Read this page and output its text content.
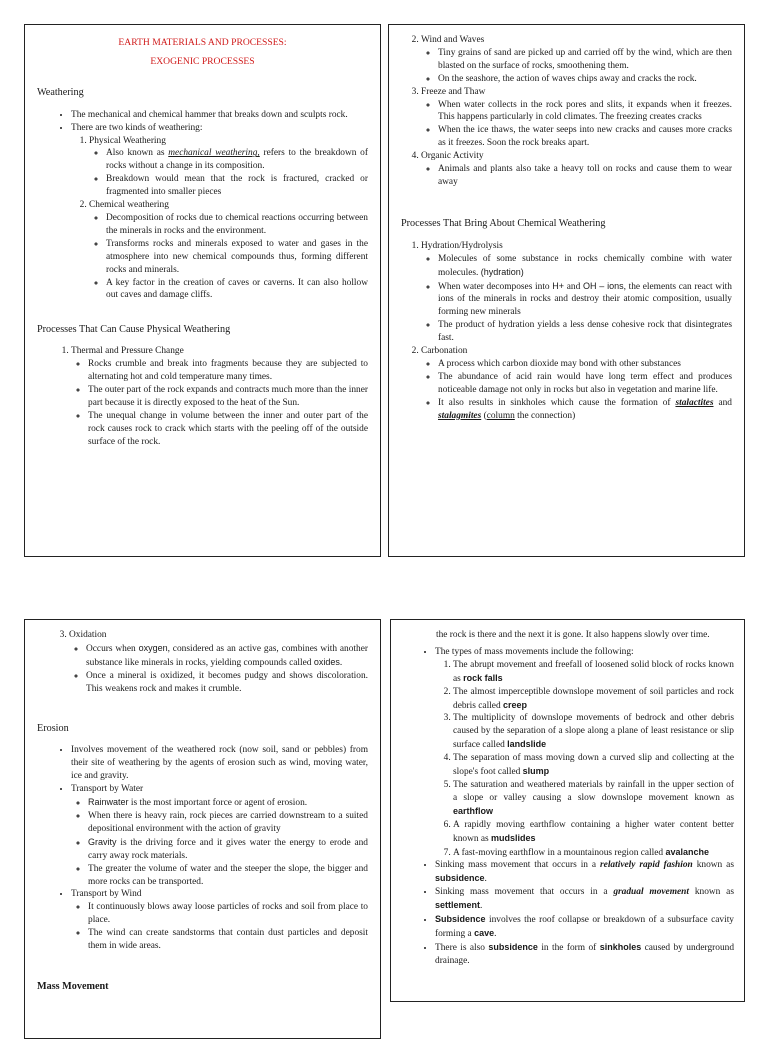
EARTH MATERIALS AND PROCESSES:
EXOGENIC PROCESSES
Weathering
• The mechanical and chemical hammer that breaks down and sculpts rock.
• There are two kinds of weathering:
1. Physical Weathering
◦ Also known as mechanical weathering, refers to the breakdown of rocks without a change in its composition.
◦ Breakdown would mean that the rock is fractured, cracked or fragmented into smaller pieces
2. Chemical weathering
◦ Decomposition of rocks due to chemical reactions occurring between the minerals in rocks and the environment.
◦ Transforms rocks and minerals exposed to water and gases in the atmosphere into new chemical compounds thus, forming different rocks and minerals.
◦ A key factor in the creation of caves or caverns. It can also hollow out caves and damage cliffs.
Processes That Can Cause Physical Weathering
1. Thermal and Pressure Change
◦ Rocks crumble and break into fragments because they are subjected to alternating hot and cold temperature many times.
◦ The outer part of the rock expands and contracts much more than the inner part because it is directly exposed to the heat of the Sun.
◦ The unequal change in volume between the inner and outer part of the rock causes rock to crack which starts with the peeling off of the outside surface of the rock.
2. Wind and Waves
◦ Tiny grains of sand are picked up and carried off by the wind, which are then blasted on the surface of rocks, smoothening them.
◦ On the seashore, the action of waves chips away and cracks the rock.
3. Freeze and Thaw
◦ When water collects in the rock pores and slits, it expands when it freezes. This happens particularly in cold climates. The freezing creates cracks
◦ When the ice thaws, the water seeps into new cracks and causes more cracks as it freezes. Soon the rock breaks apart.
4. Organic Activity
◦ Animals and plants also take a heavy toll on rocks and cause them to wear away
Processes That Bring About Chemical Weathering
1. Hydration/Hydrolysis
◦ Molecules of some substance in rocks chemically combine with water molecules. (hydration)
◦ When water decomposes into H+ and OH – ions, the elements can react with ions of the minerals in rocks and destroy their atomic composition, usually forming new minerals
◦ The product of hydration yields a less dense cohesive rock that disintegrates fast.
2. Carbonation
◦ A process which carbon dioxide may bond with other substances
◦ The abundance of acid rain would have long term effect and produces noticeable damage not only in rocks but also in vegetation and marine life.
◦ It also results in sinkholes which cause the formation of stalactites and stalagmites (column the connection)
3. Oxidation
◦ Occurs when oxygen, considered as an active gas, combines with another substance like minerals in rocks, yielding compounds called oxides.
◦ Once a mineral is oxidized, it becomes pudgy and shows discoloration. This weakens rock and makes it crumble.
Erosion
• Involves movement of the weathered rock (now soil, sand or pebbles) from their site of weathering by the agents of erosion such as wind, moving water, ice and gravity.
• Transport by Water
◦ Rainwater is the most important force or agent of erosion.
◦ When there is heavy rain, rock pieces are carried downstream to a suited depositional environment with the action of gravity
◦ Gravity is the driving force and it gives water the energy to erode and carry away rock materials.
◦ The greater the volume of water and the steeper the slope, the bigger and more rocks can be transported.
• Transport by Wind
◦ It continuously blows away loose particles of rocks and soil from place to place.
◦ The wind can create sandstorms that contain dust particles and deposit them in wide areas.
Mass Movement
the rock is there and the next it is gone. It also happens slowly over time.
• The types of mass movements include the following:
1. The abrupt movement and freefall of loosened solid block of rocks known as rock falls
2. The almost imperceptible downslope movement of soil particles and rock debris called creep
3. The multiplicity of downslope movements of bedrock and other debris caused by the separation of a slope along a plane of least resistance or slip surface called landslide
4. The separation of mass moving down a curved slip and collecting at the slope's foot called slump
5. The saturation and weathered materials by rainfall in the upper section of a slope or valley causing a slow downslope movement known as earthflow
6. A rapidly moving earthflow containing a higher water content better known as mudslides
7. A fast-moving earthflow in a mountainous region called avalanche
• Sinking mass movement that occurs in a relatively rapid fashion known as subsidence.
• Sinking mass movement that occurs in a gradual movement known as settlement.
• Subsidence involves the roof collapse or breakdown of a subsurface cavity forming a cave.
• There is also subsidence in the form of sinkholes caused by underground drainage.
